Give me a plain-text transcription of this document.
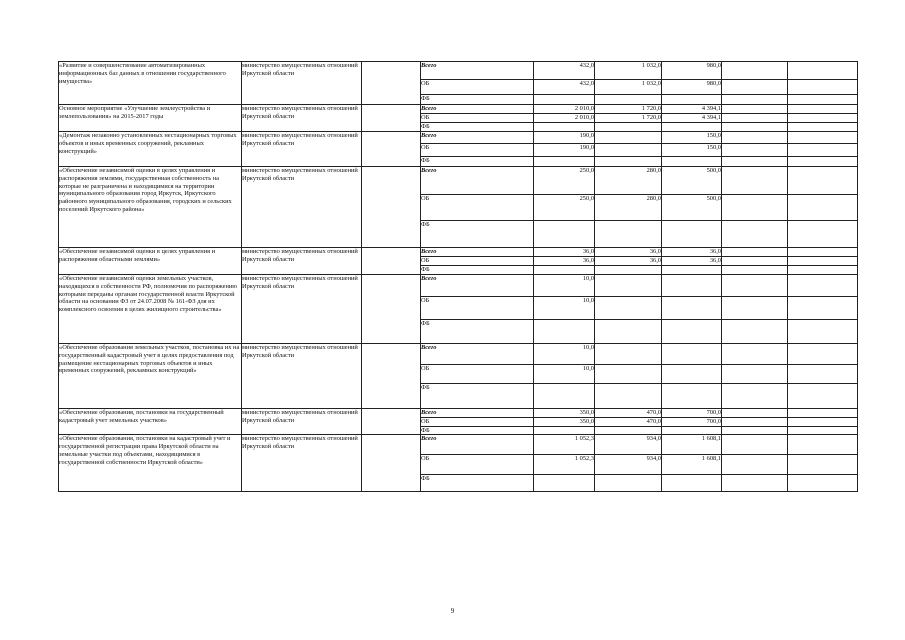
«Развитие и совершенствование автоматизированных информационных баз данных в отношении государственного имущества»	министерство имущественных отношений Иркутской области		Всего	432,0	1 032,0	980,0		
			ОБ	432,0	1 032,0	980,0		
			ФБ					
Основное мероприятие «Улучшение землеустройства и землепользования» на 2015-2017 годы	министерство имущественных отношений Иркутской области		Всего	2 010,0	1 720,0	4 394,1		
			ОБ	2 010,0	1 720,0	4 394,1		
			ФБ					
«Демонтаж незаконно установленных нестационарных торговых объектов и иных временных сооружений, рекламных конструкций»	министерство имущественных отношений Иркутской области		Всего	190,0		150,0		
			ОБ	190,0		150,0		
			ФБ					
«Обеспечение независимой оценки в целях управления и распоряжения землями, государственная собственность на которые не разграничена и находящимися на территории муниципального образования город Иркутск, Иркутского районного муниципального образования, городских и сельских поселений Иркутского района»	министерство имущественных отношений Иркутской области		Всего	250,0	280,0	500,0		
			ОБ	250,0	280,0	500,0		
			ФБ					
«Обеспечение независимой оценки в целях управления и распоряжения областными землями»	министерство имущественных отношений Иркутской области		Всего	36,0	36,0	36,0		
			ОБ	36,0	36,0	36,0		
			ФБ					
«Обеспечение независимой оценки земельных участков, находящихся в собственности РФ, полномочия по распоряжению которыми переданы органам государственной власти Иркутской области на основании ФЗ от 24.07.2008 № 161-ФЗ для их комплексного освоения в целях жилищного строительства»	министерство имущественных отношений Иркутской области		Всего	10,0				
			ОБ	10,0				
			ФБ					
«Обеспечение образования земельных участков, постановка их на государственный кадастровый учет в целях предоставления под размещение нестационарных торговых объектов и иных временных сооружений, рекламных конструкций»	министерство имущественных отношений Иркутской области		Всего	10,0				
			ОБ	10,0				
			ФБ					
«Обеспечение образования, постановки на государственный кадастровый учет земельных участков»	министерство имущественных отношений Иркутской области		Всего	350,0	470,0	700,0		
			ОБ	350,0	470,0	700,0		
			ФБ					
«Обеспечение образования, постановки на кадастровый учет и государственной регистрации права Иркутской области на земельные участки под объектами, находящимися в государственной собственности Иркутской области»	министерство имущественных отношений Иркутской области		Всего	1 052,3	934,0	1 608,1		
			ОБ	1 052,3	934,0	1 608,1		
			ФБ					
9
